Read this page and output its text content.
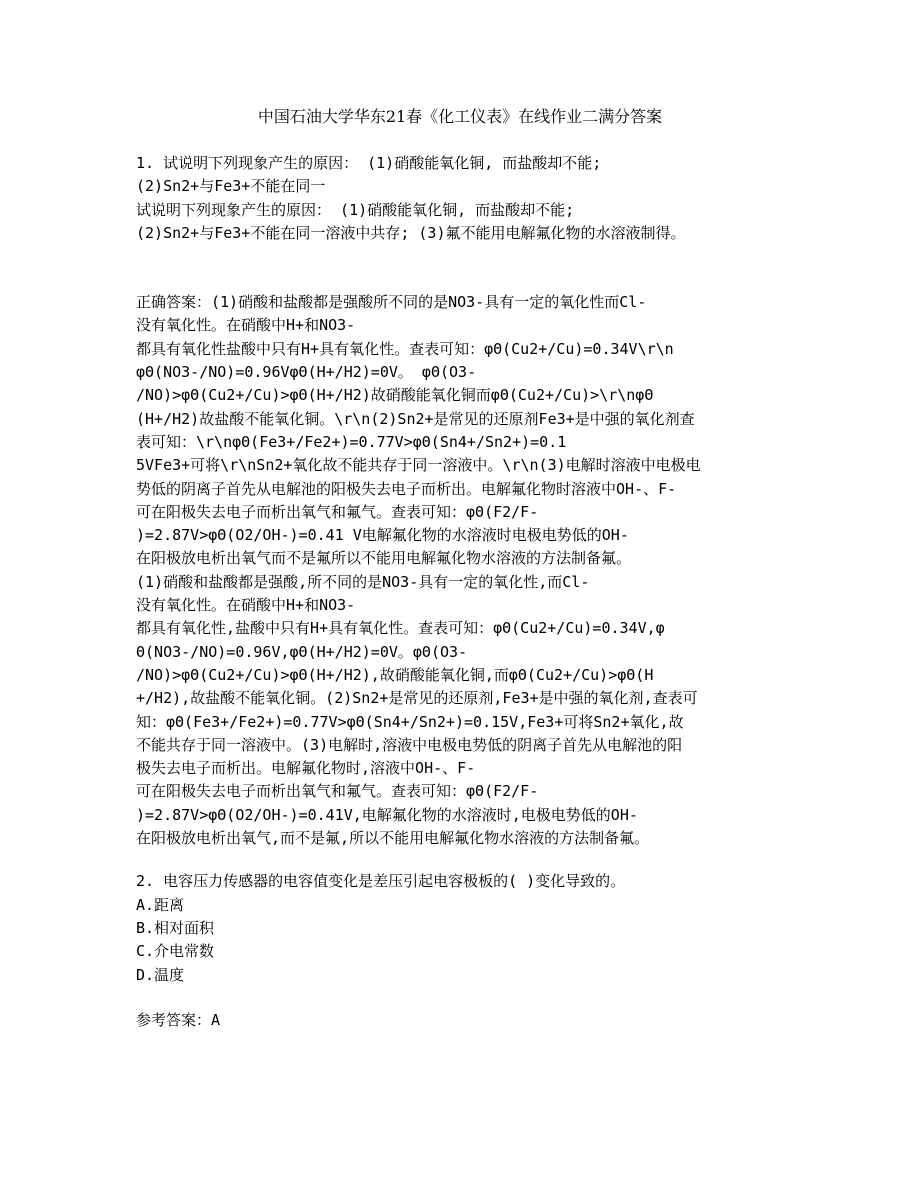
中国石油大学华东21春《化工仪表》在线作业二满分答案
1. 试说明下列现象产生的原因： (1)硝酸能氧化铜, 而盐酸却不能;
(2)Sn2+与Fe3+不能在同一
试说明下列现象产生的原因： (1)硝酸能氧化铜, 而盐酸却不能;
(2)Sn2+与Fe3+不能在同一溶液中共存; (3)氟不能用电解氟化物的水溶液制得。
正确答案：(1)硝酸和盐酸都是强酸所不同的是NO3-具有一定的氧化性而Cl-
没有氧化性。在硝酸中H+和NO3-
都具有氧化性盐酸中只有H+具有氧化性。查表可知：φΘ(Cu2+/Cu)=0.34V\r\n
φΘ(NO3-/NO)=0.96VφΘ(H+/H2)=0V。 φΘ(O3-
/NO)>φΘ(Cu2+/Cu)>φΘ(H+/H2)故硝酸能氧化铜而φΘ(Cu2+/Cu)>\r\nφΘ
(H+/H2)故盐酸不能氧化铜。\r\n(2)Sn2+是常见的还原剂Fe3+是中强的氧化剂查
表可知：\r\nφΘ(Fe3+/Fe2+)=0.77V>φΘ(Sn4+/Sn2+)=0.1
5VFe3+可将\r\nSn2+氧化故不能共存于同一溶液中。\r\n(3)电解时溶液中电极电
势低的阴离子首先从电解池的阳极失去电子而析出。电解氟化物时溶液中OH-、F-
可在阳极失去电子而析出氧气和氟气。查表可知：φΘ(F2/F-
)=2.87V>φΘ(O2/OH-)=0.41 V电解氟化物的水溶液时电极电势低的OH-
在阳极放电析出氧气而不是氟所以不能用电解氟化物水溶液的方法制备氟。
(1)硝酸和盐酸都是强酸,所不同的是NO3-具有一定的氧化性,而Cl-
没有氧化性。在硝酸中H+和NO3-
都具有氧化性,盐酸中只有H+具有氧化性。查表可知：φΘ(Cu2+/Cu)=0.34V,φ
Θ(NO3-/NO)=0.96V,φΘ(H+/H2)=0V。φΘ(O3-
/NO)>φΘ(Cu2+/Cu)>φΘ(H+/H2),故硝酸能氧化铜,而φΘ(Cu2+/Cu)>φΘ(H
+/H2),故盐酸不能氧化铜。(2)Sn2+是常见的还原剂,Fe3+是中强的氧化剂,查表可
知：φΘ(Fe3+/Fe2+)=0.77V>φΘ(Sn4+/Sn2+)=0.15V,Fe3+可将Sn2+氧化,故
不能共存于同一溶液中。(3)电解时,溶液中电极电势低的阴离子首先从电解池的阳
极失去电子而析出。电解氟化物时,溶液中OH-、F-
可在阳极失去电子而析出氧气和氟气。查表可知：φΘ(F2/F-
)=2.87V>φΘ(O2/OH-)=0.41V,电解氟化物的水溶液时,电极电势低的OH-
在阳极放电析出氧气,而不是氟,所以不能用电解氟化物水溶液的方法制备氟。
2. 电容压力传感器的电容值变化是差压引起电容极板的( )变化导致的。
A.距离
B.相对面积
C.介电常数
D.温度
参考答案：A
